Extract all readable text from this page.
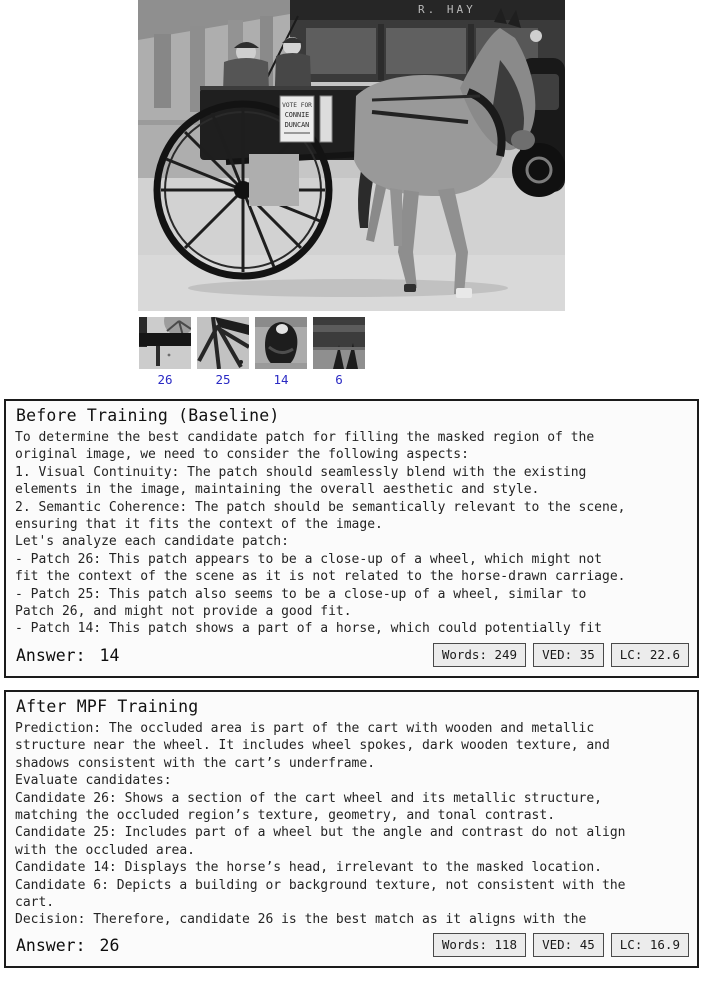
R. HAY
VOTE FOR
CONNIE
DUNCAN
26	25	14	6
Before Training (Baseline)
To determine the best candidate patch for filling the masked region of the
original image, we need to consider the following aspects:
1. Visual Continuity: The patch should seamlessly blend with the existing
elements in the image, maintaining the overall aesthetic and style.
2. Semantic Coherence: The patch should be semantically relevant to the scene,
ensuring that it fits the context of the image.
Let's analyze each candidate patch:
- Patch 26: This patch appears to be a close-up of a wheel, which might not
fit the context of the scene as it is not related to the horse-drawn carriage.
- Patch 25: This patch also seems to be a close-up of a wheel, similar to
Patch 26, and might not provide a good fit.
- Patch 14: This patch shows a part of a horse, which could potentially fit
Answer: 14	Words: 249	VED: 35	LC: 22.6
After MPF Training
Prediction: The occluded area is part of the cart with wooden and metallic
structure near the wheel. It includes wheel spokes, dark wooden texture, and
shadows consistent with the cart’s underframe.
Evaluate candidates:
Candidate 26: Shows a section of the cart wheel and its metallic structure,
matching the occluded region’s texture, geometry, and tonal contrast.
Candidate 25: Includes part of a wheel but the angle and contrast do not align
with the occluded area.
Candidate 14: Displays the horse’s head, irrelevant to the masked location.
Candidate 6: Depicts a building or background texture, not consistent with the
cart.
Decision: Therefore, candidate 26 is the best match as it aligns with the
Answer: 26	Words: 118	VED: 45	LC: 16.9
